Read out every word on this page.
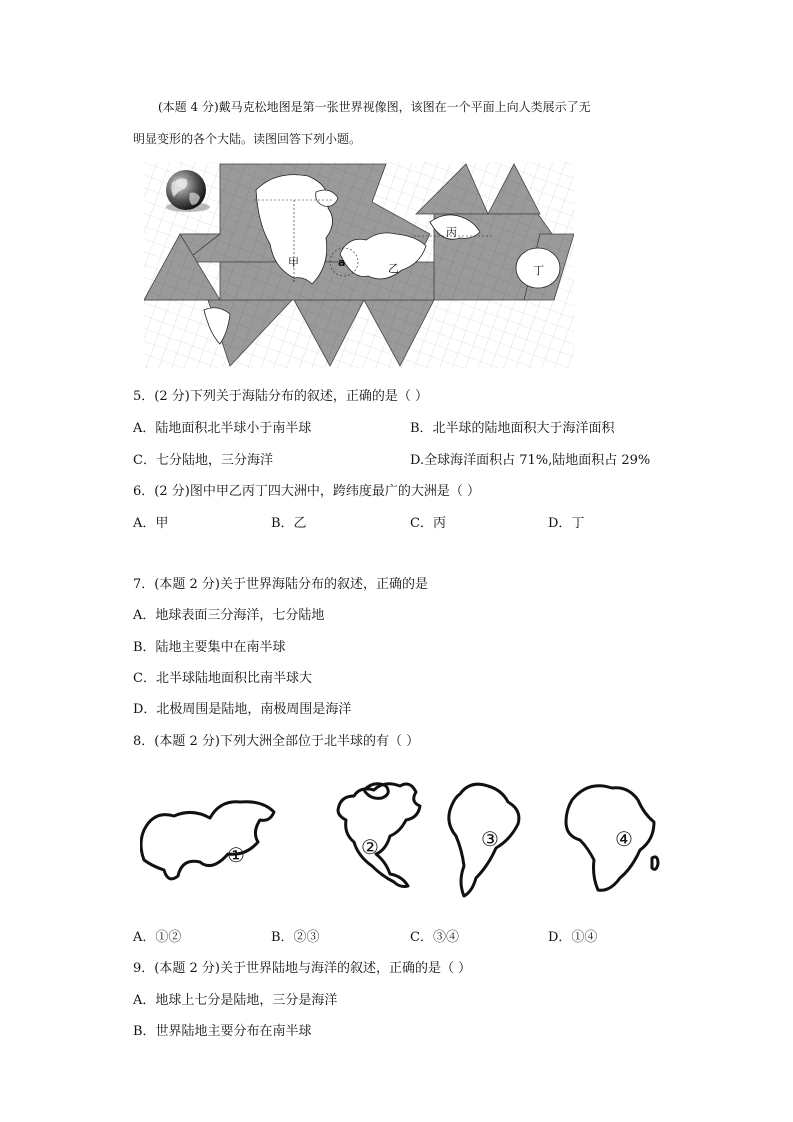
(本题 4 分)戴马克松地图是第一张世界视像图，该图在一个平面上向人类展示了无
明显变形的各个大陆。读图回答下列小题。
甲	a	乙
丙
丁
5．(2 分)下列关于海陆分布的叙述，正确的是（ ）
A．陆地面积北半球小于南半球	B．北半球的陆地面积大于海洋面积
C．七分陆地，三分海洋	D.全球海洋面积占 71%,陆地面积占 29%
6．(2 分)图中甲乙丙丁四大洲中，跨纬度最广的大洲是（ ）
A．甲	B．乙	C．丙	D．丁
7．(本题 2 分)关于世界海陆分布的叙述，正确的是
A．地球表面三分海洋，七分陆地
B．陆地主要集中在南半球
C．北半球陆地面积比南半球大
D．北极周围是陆地，南极周围是海洋
8．(本题 2 分)下列大洲全部位于北半球的有（ ）
①	②	③	④
A．①②	B．②③	C．③④	D．①④
9．(本题 2 分)关于世界陆地与海洋的叙述，正确的是（ ）
A．地球上七分是陆地，三分是海洋
B．世界陆地主要分布在南半球
